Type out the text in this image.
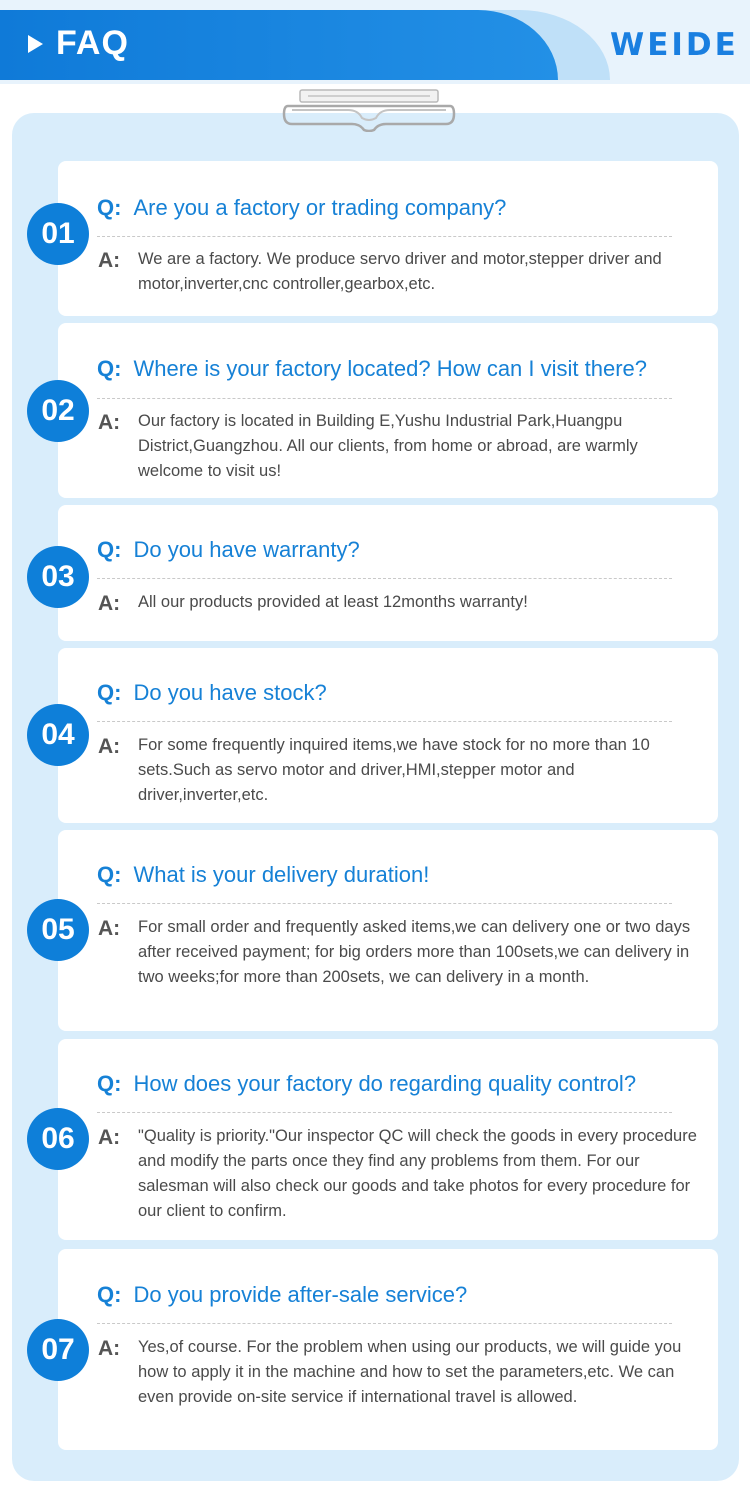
FAQ	WEIDE
01
Q: Are you a factory or trading company?
A: We are a factory. We produce servo driver and motor,stepper driver and motor,inverter,cnc controller,gearbox,etc.
02
Q: Where is your factory located? How can I visit there?
A: Our factory is located in Building E,Yushu Industrial Park,Huangpu District,Guangzhou. All our clients, from home or abroad, are warmly welcome to visit us!
03
Q: Do you have warranty?
A: All our products provided at least 12months warranty!
04
Q: Do you have stock?
A: For some frequently inquired items,we have stock for no more than 10 sets.Such as servo motor and driver,HMI,stepper motor and driver,inverter,etc.
05
Q: What is your delivery duration!
A: For small order and frequently asked items,we can delivery one or two days after received payment; for big orders more than 100sets,we can delivery in two weeks;for more than 200sets, we can delivery in a month.
06
Q: How does your factory do regarding quality control?
A: "Quality is priority."Our inspector QC will check the goods in every procedure and modify the parts once they find any problems from them. For our salesman will also check our goods and take photos for every procedure for our client to confirm.
07
Q: Do you provide after-sale service?
A: Yes,of course. For the problem when using our products, we will guide you how to apply it in the machine and how to set the parameters,etc. We can even provide on-site service if international travel is allowed.
